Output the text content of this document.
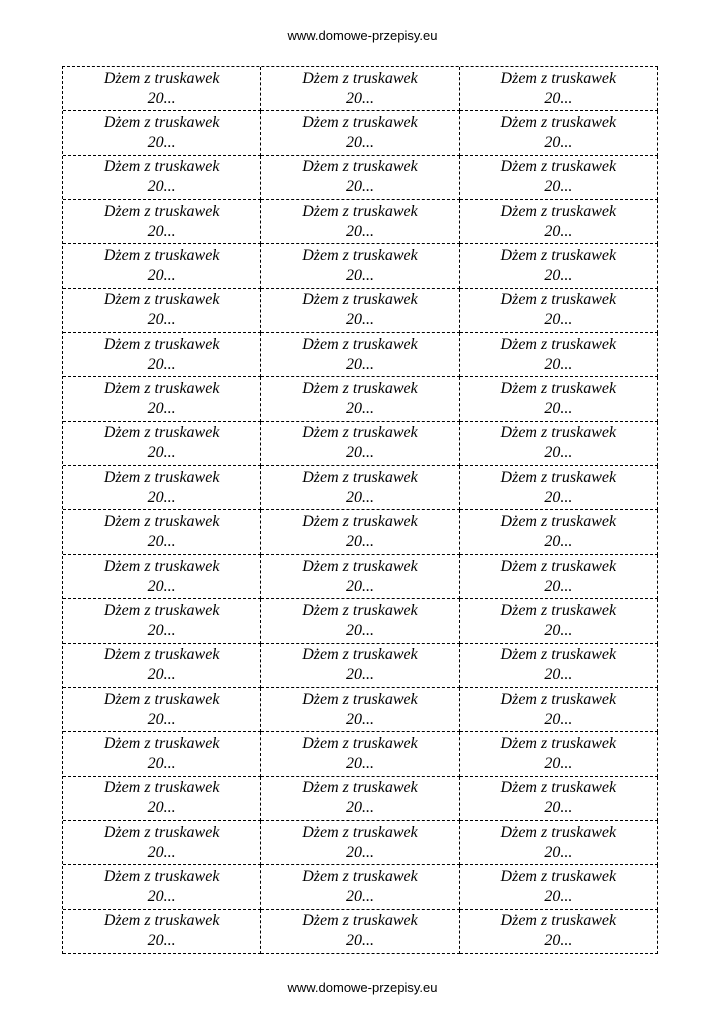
www.domowe-przepisy.eu
Dżem z truskawek
20...
Dżem z truskawek
20...
Dżem z truskawek
20...
Dżem z truskawek
20...
Dżem z truskawek
20...
Dżem z truskawek
20...
Dżem z truskawek
20...
Dżem z truskawek
20...
Dżem z truskawek
20...
Dżem z truskawek
20...
Dżem z truskawek
20...
Dżem z truskawek
20...
Dżem z truskawek
20...
Dżem z truskawek
20...
Dżem z truskawek
20...
Dżem z truskawek
20...
Dżem z truskawek
20...
Dżem z truskawek
20...
Dżem z truskawek
20...
Dżem z truskawek
20...
Dżem z truskawek
20...
Dżem z truskawek
20...
Dżem z truskawek
20...
Dżem z truskawek
20...
Dżem z truskawek
20...
Dżem z truskawek
20...
Dżem z truskawek
20...
Dżem z truskawek
20...
Dżem z truskawek
20...
Dżem z truskawek
20...
Dżem z truskawek
20...
Dżem z truskawek
20...
Dżem z truskawek
20...
Dżem z truskawek
20...
Dżem z truskawek
20...
Dżem z truskawek
20...
Dżem z truskawek
20...
Dżem z truskawek
20...
Dżem z truskawek
20...
Dżem z truskawek
20...
Dżem z truskawek
20...
Dżem z truskawek
20...
Dżem z truskawek
20...
Dżem z truskawek
20...
Dżem z truskawek
20...
Dżem z truskawek
20...
Dżem z truskawek
20...
Dżem z truskawek
20...
Dżem z truskawek
20...
Dżem z truskawek
20...
Dżem z truskawek
20...
Dżem z truskawek
20...
Dżem z truskawek
20...
Dżem z truskawek
20...
Dżem z truskawek
20...
Dżem z truskawek
20...
Dżem z truskawek
20...
Dżem z truskawek
20...
Dżem z truskawek
20...
Dżem z truskawek
20...
www.domowe-przepisy.eu
